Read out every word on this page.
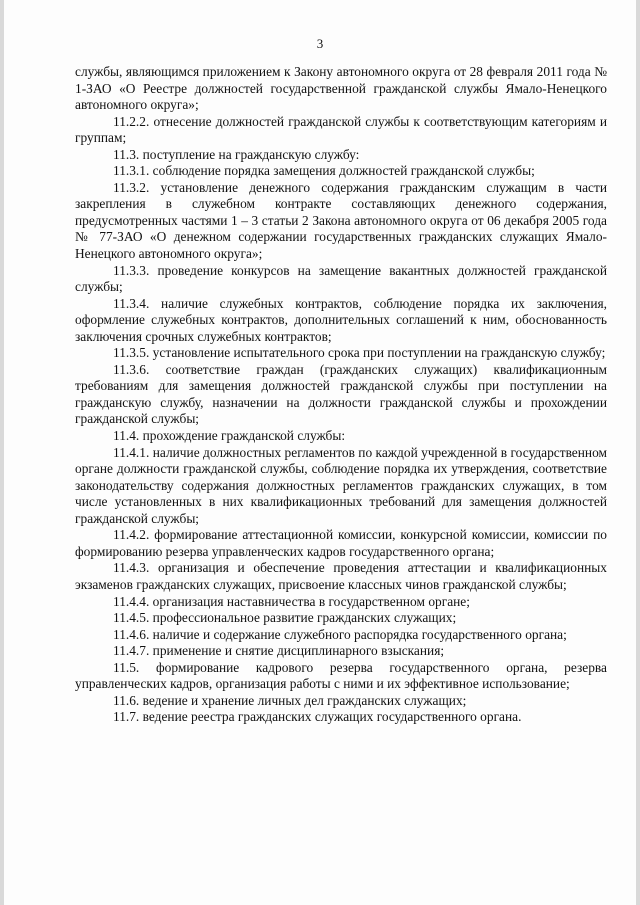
3

службы, являющимся приложением к Закону автономного округа от 28 февраля 2011 года № 1-ЗАО «О Реестре должностей государственной гражданской службы Ямало-Ненецкого автономного округа»;

11.2.2. отнесение должностей гражданской службы к соответствующим категориям и группам;

11.3. поступление на гражданскую службу:

11.3.1. соблюдение порядка замещения должностей гражданской службы;

11.3.2. установление денежного содержания гражданским служащим в части закрепления в служебном контракте составляющих денежного содержания, предусмотренных частями 1 – 3 статьи 2 Закона автономного округа от 06 декабря 2005 года № 77-ЗАО «О денежном содержании государственных гражданских служащих Ямало-Ненецкого автономного округа»;

11.3.3. проведение конкурсов на замещение вакантных должностей гражданской службы;

11.3.4. наличие служебных контрактов, соблюдение порядка их заключения, оформление служебных контрактов, дополнительных соглашений к ним, обоснованность заключения срочных служебных контрактов;

11.3.5. установление испытательного срока при поступлении на гражданскую службу;

11.3.6. соответствие граждан (гражданских служащих) квалификационным требованиям для замещения должностей гражданской службы при поступлении на гражданскую службу, назначении на должности гражданской службы и прохождении гражданской службы;

11.4. прохождение гражданской службы:

11.4.1. наличие должностных регламентов по каждой учрежденной в государственном органе должности гражданской службы, соблюдение порядка их утверждения, соответствие законодательству содержания должностных регламентов гражданских служащих, в том числе установленных в них квалификационных требований для замещения должностей гражданской службы;

11.4.2. формирование аттестационной комиссии, конкурсной комиссии, комиссии по формированию резерва управленческих кадров государственного органа;

11.4.3. организация и обеспечение проведения аттестации и квалификационных экзаменов гражданских служащих, присвоение классных чинов гражданской службы;

11.4.4. организация наставничества в государственном органе;

11.4.5. профессиональное развитие гражданских служащих;

11.4.6. наличие и содержание служебного распорядка государственного органа;

11.4.7. применение и снятие дисциплинарного взыскания;

11.5. формирование кадрового резерва государственного органа, резерва управленческих кадров, организация работы с ними и их эффективное использование;

11.6. ведение и хранение личных дел гражданских служащих;

11.7. ведение реестра гражданских служащих государственного органа.
